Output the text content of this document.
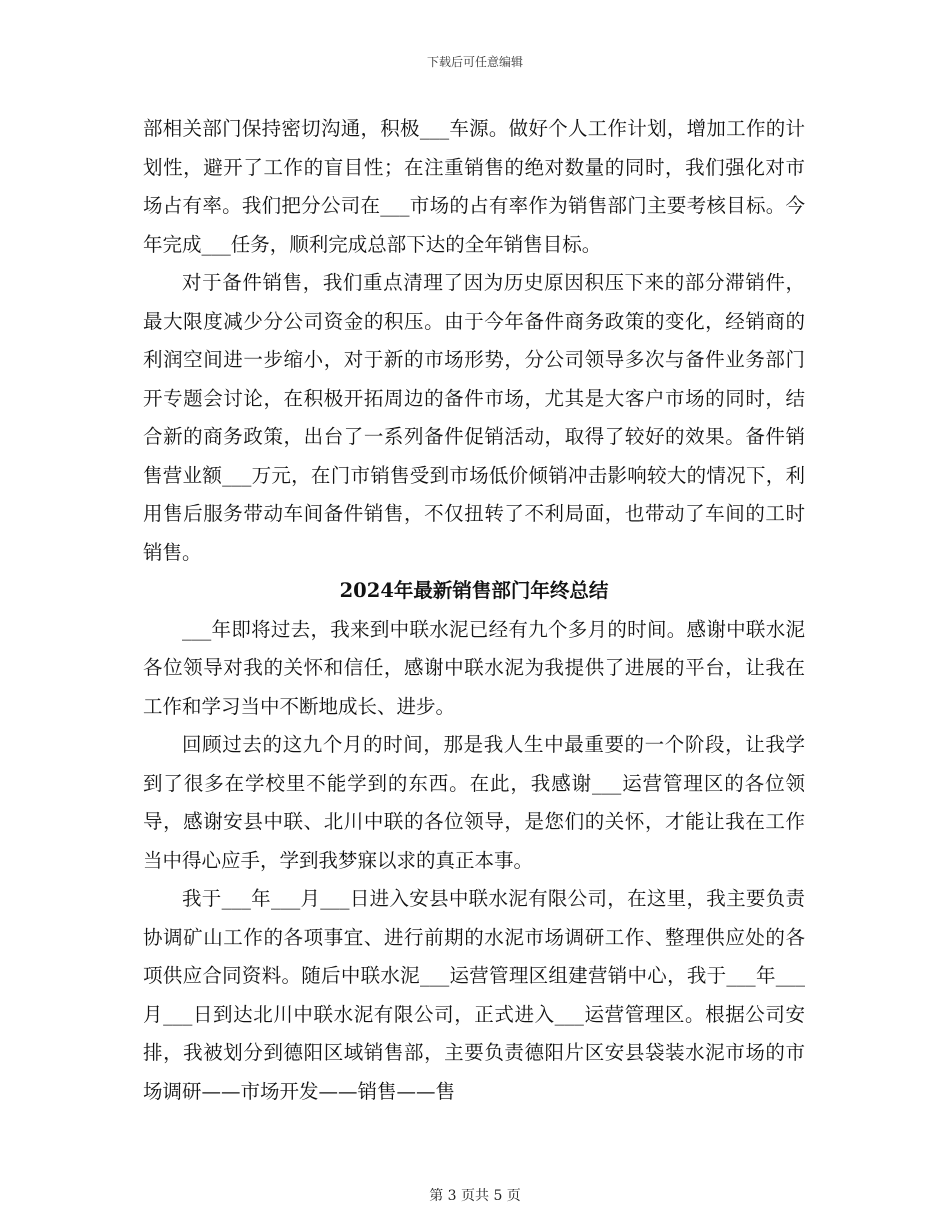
下载后可任意编辑

部相关部门保持密切沟通，积极___车源。做好个人工作计划，增加工作的计划性，避开了工作的盲目性；在注重销售的绝对数量的同时，我们强化对市场占有率。我们把分公司在___市场的占有率作为销售部门主要考核目标。今年完成___任务，顺利完成总部下达的全年销售目标。

对于备件销售，我们重点清理了因为历史原因积压下来的部分滞销件，最大限度减少分公司资金的积压。由于今年备件商务政策的变化，经销商的利润空间进一步缩小，对于新的市场形势，分公司领导多次与备件业务部门开专题会讨论，在积极开拓周边的备件市场，尤其是大客户市场的同时，结合新的商务政策，出台了一系列备件促销活动，取得了较好的效果。备件销售营业额___万元，在门市销售受到市场低价倾销冲击影响较大的情况下，利用售后服务带动车间备件销售，不仅扭转了不利局面，也带动了车间的工时销售。

2024年最新销售部门年终总结

___年即将过去，我来到中联水泥已经有九个多月的时间。感谢中联水泥各位领导对我的关怀和信任，感谢中联水泥为我提供了进展的平台，让我在工作和学习当中不断地成长、进步。

回顾过去的这九个月的时间，那是我人生中最重要的一个阶段，让我学到了很多在学校里不能学到的东西。在此，我感谢___运营管理区的各位领导，感谢安县中联、北川中联的各位领导，是您们的关怀，才能让我在工作当中得心应手，学到我梦寐以求的真正本事。

我于___年___月___日进入安县中联水泥有限公司，在这里，我主要负责协调矿山工作的各项事宜、进行前期的水泥市场调研工作、整理供应处的各项供应合同资料。随后中联水泥___运营管理区组建营销中心，我于___年___月___日到达北川中联水泥有限公司，正式进入___运营管理区。根据公司安排，我被划分到德阳区域销售部，主要负责德阳片区安县袋装水泥市场的市场调研——市场开发——销售——售

第 3 页共 5 页
